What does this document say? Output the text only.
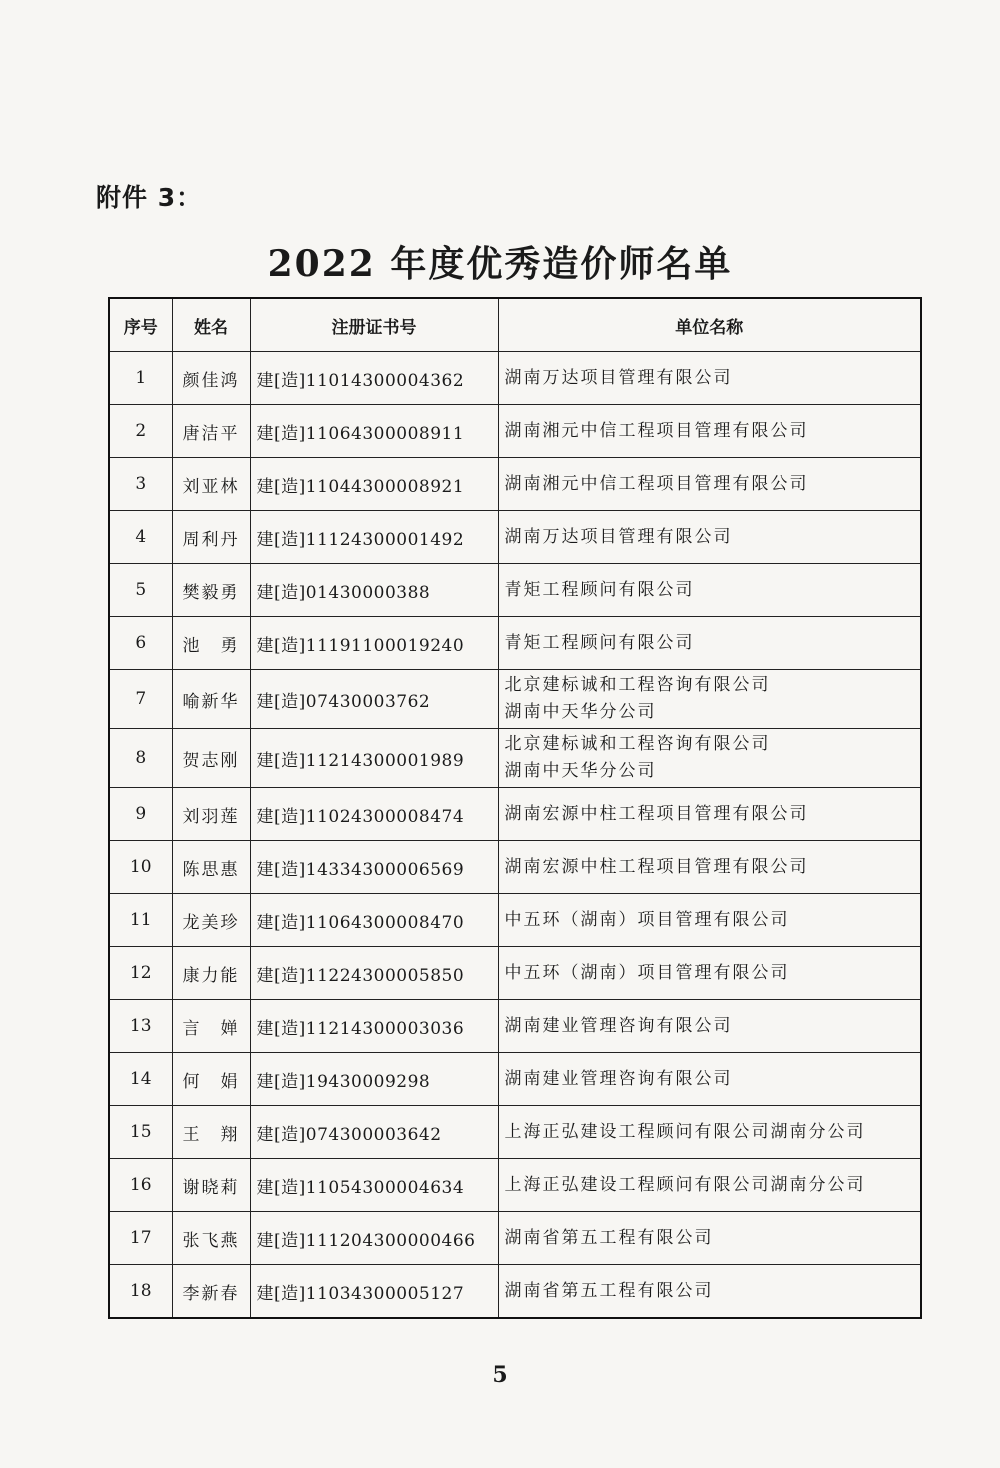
附件 3：
2022 年度优秀造价师名单
序号	姓名	注册证书号	单位名称
1	颜佳鸿	建[造]11014300004362	湖南万达项目管理有限公司

2	唐洁平	建[造]11064300008911	湖南湘元中信工程项目管理有限公司

3	刘亚林	建[造]11044300008921	湖南湘元中信工程项目管理有限公司

4	周利丹	建[造]11124300001492	湖南万达项目管理有限公司

5	樊毅勇	建[造]01430000388	青矩工程顾问有限公司

6	池　勇	建[造]11191100019240	青矩工程顾问有限公司

7	喻新华	建[造]07430003762	北京建标诚和工程咨询有限公司
湖南中天华分公司

8	贺志刚	建[造]11214300001989	北京建标诚和工程咨询有限公司
湖南中天华分公司

9	刘羽莲	建[造]11024300008474	湖南宏源中柱工程项目管理有限公司

10	陈思惠	建[造]14334300006569	湖南宏源中柱工程项目管理有限公司

11	龙美珍	建[造]11064300008470	中五环（湖南）项目管理有限公司

12	康力能	建[造]11224300005850	中五环（湖南）项目管理有限公司

13	言　婵	建[造]11214300003036	湖南建业管理咨询有限公司

14	何　娟	建[造]19430009298	湖南建业管理咨询有限公司

15	王　翔	建[造]074300003642	上海正弘建设工程顾问有限公司湖南分公司

16	谢晓莉	建[造]11054300004634	上海正弘建设工程顾问有限公司湖南分公司

17	张飞燕	建[造]111204300000466	湖南省第五工程有限公司

18	李新春	建[造]11034300005127	湖南省第五工程有限公司
5
